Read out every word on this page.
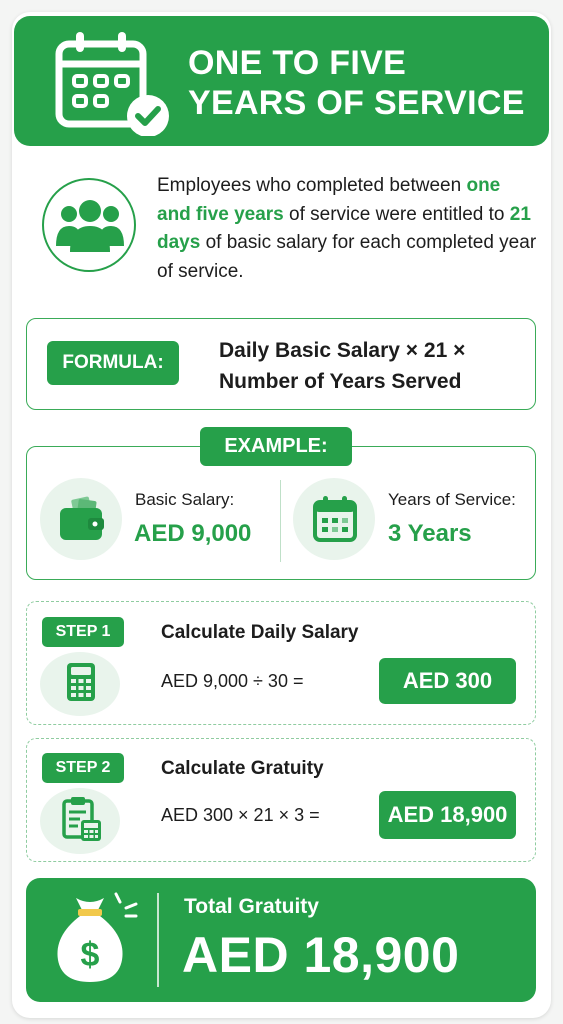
ONE TO FIVE
YEARS OF SERVICE
Employees who completed between one and five years of service were entitled to 21 days of basic salary for each completed year of service.
FORMULA:
Daily Basic Salary × 21 ×
Number of Years Served
EXAMPLE:
Basic Salary:
AED 9,000
Years of Service:
3 Years
STEP 1	Calculate Daily Salary
AED 9,000 ÷ 30 =	AED 300
STEP 2	Calculate Gratuity
AED 300 × 21 × 3 =	AED 18,900
$
Total Gratuity
AED 18,900
